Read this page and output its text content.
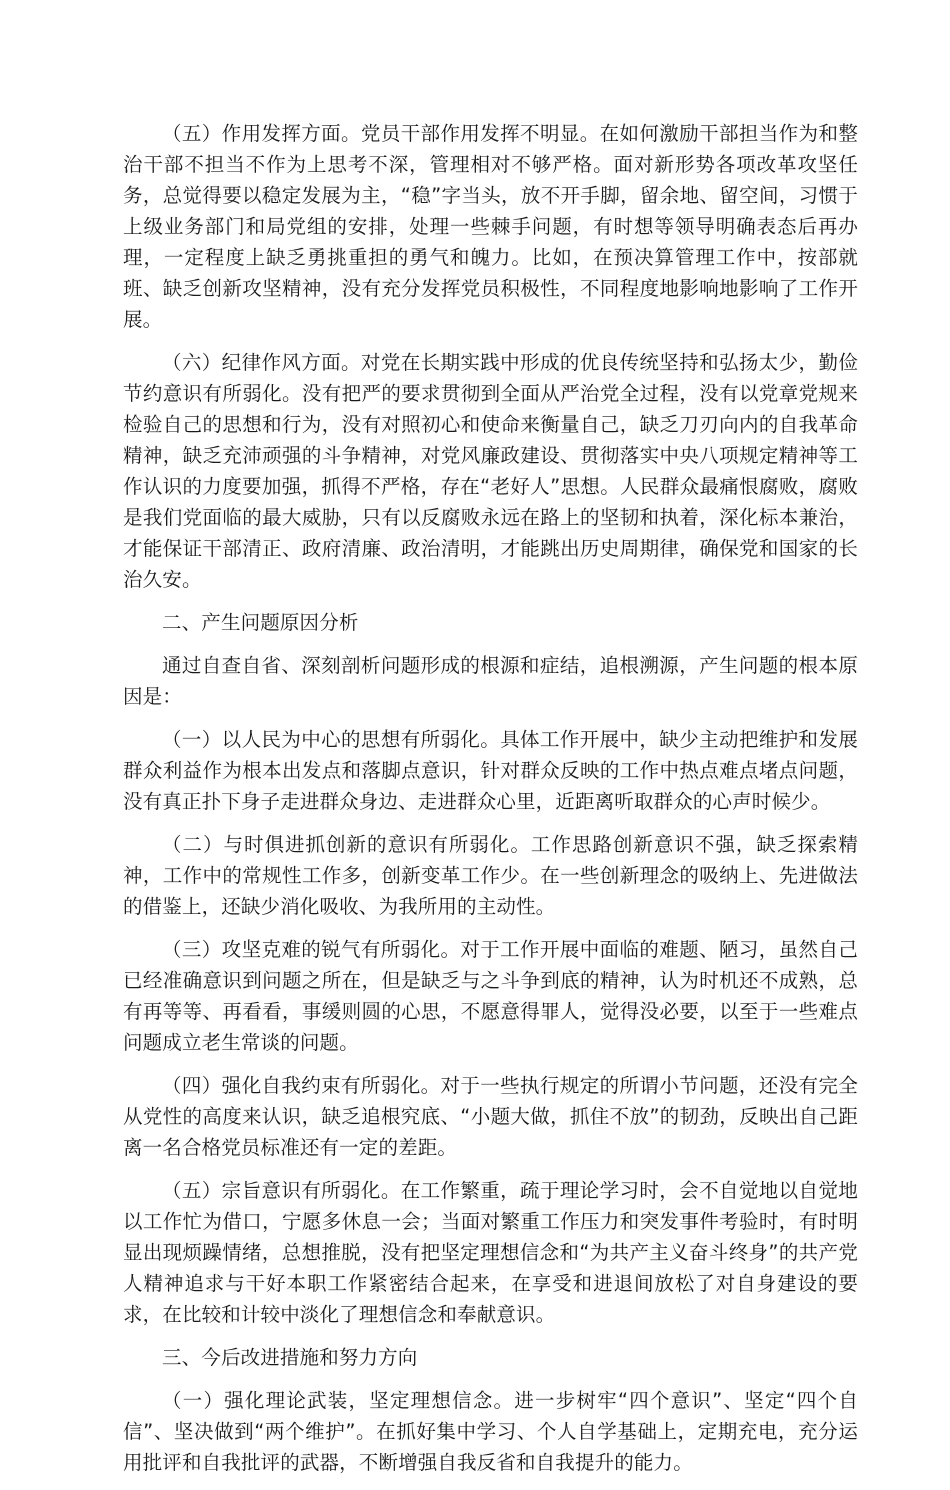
（五）作用发挥方面。党员干部作用发挥不明显。在如何激励干部担当作为和整治干部不担当不作为上思考不深，管理相对不够严格。面对新形势各项改革攻坚任务，总觉得要以稳定发展为主，“稳”字当头，放不开手脚，留余地、留空间，习惯于上级业务部门和局党组的安排，处理一些棘手问题，有时想等领导明确表态后再办理，一定程度上缺乏勇挑重担的勇气和魄力。比如，在预决算管理工作中，按部就班、缺乏创新攻坚精神，没有充分发挥党员积极性，不同程度地影响地影响了工作开展。

（六）纪律作风方面。对党在长期实践中形成的优良传统坚持和弘扬太少，勤俭节约意识有所弱化。没有把严的要求贯彻到全面从严治党全过程，没有以党章党规来检验自己的思想和行为，没有对照初心和使命来衡量自己，缺乏刀刃向内的自我革命精神，缺乏充沛顽强的斗争精神，对党风廉政建设、贯彻落实中央八项规定精神等工作认识的力度要加强，抓得不严格，存在“老好人”思想。人民群众最痛恨腐败，腐败是我们党面临的最大威胁，只有以反腐败永远在路上的坚韧和执着，深化标本兼治，才能保证干部清正、政府清廉、政治清明，才能跳出历史周期律，确保党和国家的长治久安。

二、产生问题原因分析

通过自查自省、深刻剖析问题形成的根源和症结，追根溯源，产生问题的根本原因是：

（一）以人民为中心的思想有所弱化。具体工作开展中，缺少主动把维护和发展群众利益作为根本出发点和落脚点意识，针对群众反映的工作中热点难点堵点问题，没有真正扑下身子走进群众身边、走进群众心里，近距离听取群众的心声时候少。

（二）与时俱进抓创新的意识有所弱化。工作思路创新意识不强，缺乏探索精神，工作中的常规性工作多，创新变革工作少。在一些创新理念的吸纳上、先进做法的借鉴上，还缺少消化吸收、为我所用的主动性。

（三）攻坚克难的锐气有所弱化。对于工作开展中面临的难题、陋习，虽然自己已经准确意识到问题之所在，但是缺乏与之斗争到底的精神，认为时机还不成熟，总有再等等、再看看，事缓则圆的心思，不愿意得罪人，觉得没必要，以至于一些难点问题成立老生常谈的问题。

（四）强化自我约束有所弱化。对于一些执行规定的所谓小节问题，还没有完全从党性的高度来认识，缺乏追根究底、“小题大做，抓住不放”的韧劲，反映出自己距离一名合格党员标准还有一定的差距。

（五）宗旨意识有所弱化。在工作繁重，疏于理论学习时，会不自觉地以自觉地以工作忙为借口，宁愿多休息一会；当面对繁重工作压力和突发事件考验时，有时明显出现烦躁情绪，总想推脱，没有把坚定理想信念和“为共产主义奋斗终身”的共产党人精神追求与干好本职工作紧密结合起来，在享受和进退间放松了对自身建设的要求，在比较和计较中淡化了理想信念和奉献意识。

三、今后改进措施和努力方向

（一）强化理论武装，坚定理想信念。进一步树牢“四个意识”、坚定“四个自信”、坚决做到“两个维护”。在抓好集中学习、个人自学基础上，定期充电，充分运用批评和自我批评的武器，不断增强自我反省和自我提升的能力。
